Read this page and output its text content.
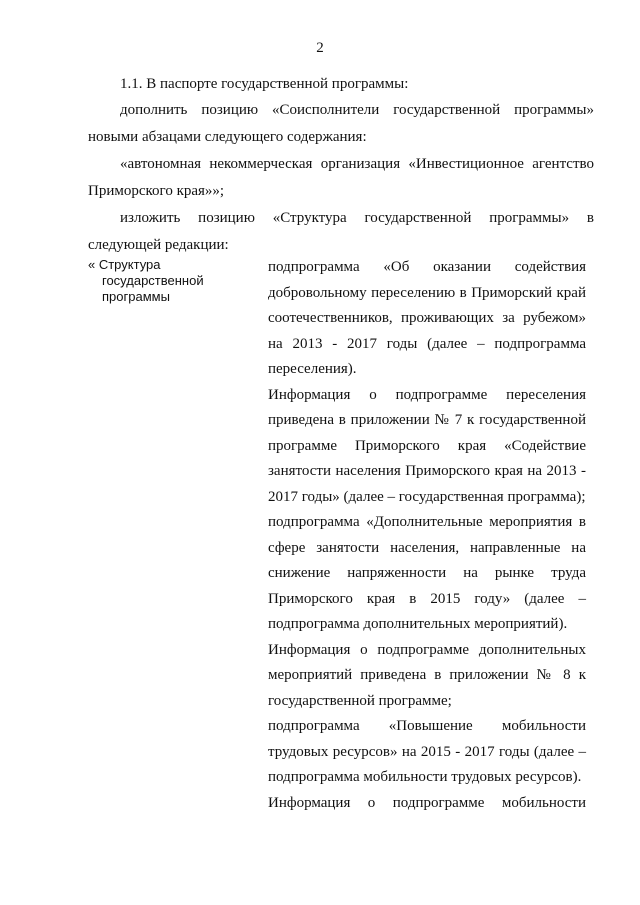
2

1.1. В паспорте государственной программы:

дополнить позицию «Соисполнители государственной программы» новыми абзацами следующего содержания:

«автономная некоммерческая организация «Инвестиционное агентство Приморского края»»;

изложить позицию «Структура государственной программы» в следующей редакции:

« Структура
государственной
программы

подпрограмма «Об оказании содействия добровольному переселению в Приморский край соотечественников, проживающих за рубежом» на 2013 - 2017 годы (далее – подпрограмма переселения).

Информация о подпрограмме переселения приведена в приложении № 7 к государственной программе Приморского края «Содействие занятости населения Приморского края на 2013 - 2017 годы» (далее – государственная программа);

подпрограмма «Дополнительные мероприятия в сфере занятости населения, направленные на снижение напряженности на рынке труда Приморского края в 2015 году» (далее – подпрограмма дополнительных мероприятий).

Информация о подпрограмме дополнительных мероприятий приведена в приложении № 8 к государственной программе;

подпрограмма «Повышение мобильности трудовых ресурсов» на 2015 - 2017 годы (далее – подпрограмма мобильности трудовых ресурсов).

Информация о подпрограмме мобильности
